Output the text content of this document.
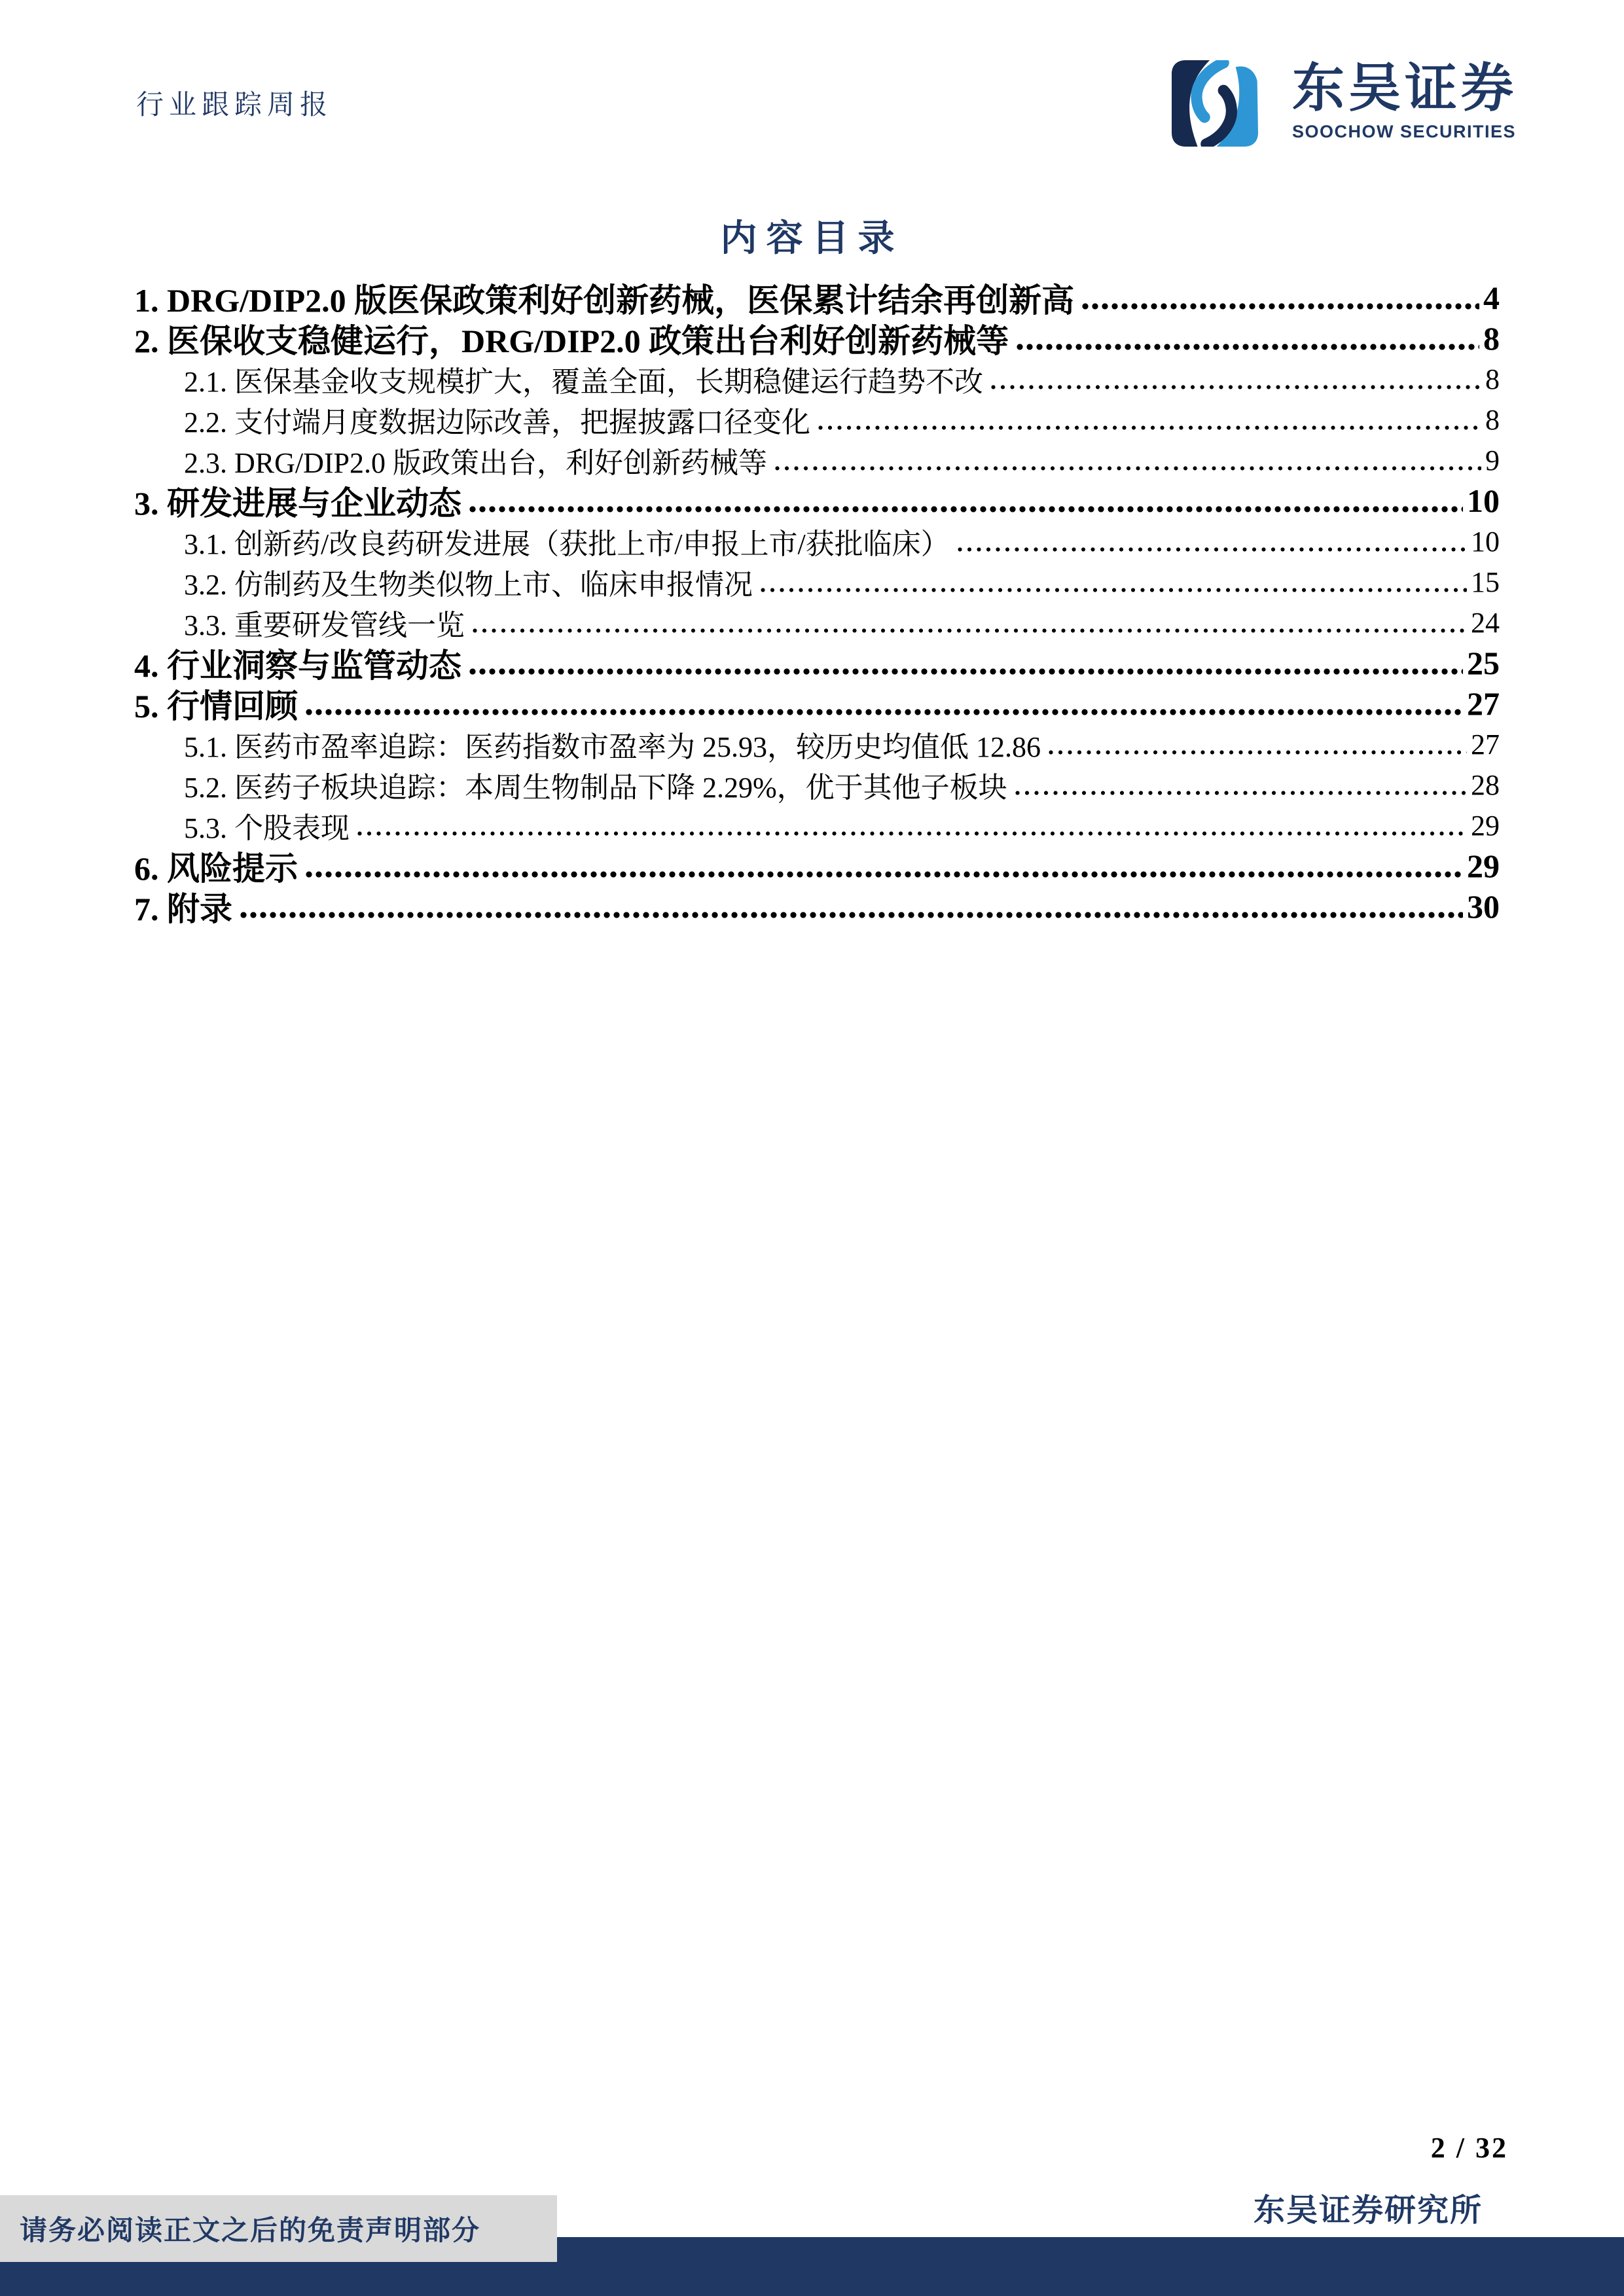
行业跟踪周报	东吴证券
SOOCHOW SECURITIES
内容目录
1. DRG/DIP2.0 版医保政策利好创新药械，医保累计结余再创新高	4
2. 医保收支稳健运行，DRG/DIP2.0 政策出台利好创新药械等	8
2.1. 医保基金收支规模扩大，覆盖全面，长期稳健运行趋势不改	8
2.2. 支付端月度数据边际改善，把握披露口径变化	8
2.3. DRG/DIP2.0 版政策出台，利好创新药械等	9
3. 研发进展与企业动态	10
3.1. 创新药/改良药研发进展（获批上市/申报上市/获批临床）	10
3.2. 仿制药及生物类似物上市、临床申报情况	15
3.3. 重要研发管线一览	24
4. 行业洞察与监管动态	25
5. 行情回顾	27
5.1. 医药市盈率追踪：医药指数市盈率为 25.93，较历史均值低 12.86	27
5.2. 医药子板块追踪：本周生物制品下降 2.29%，优于其他子板块	28
5.3. 个股表现	29
6. 风险提示	29
7. 附录	30
2 / 32
东吴证券研究所
请务必阅读正文之后的免责声明部分
